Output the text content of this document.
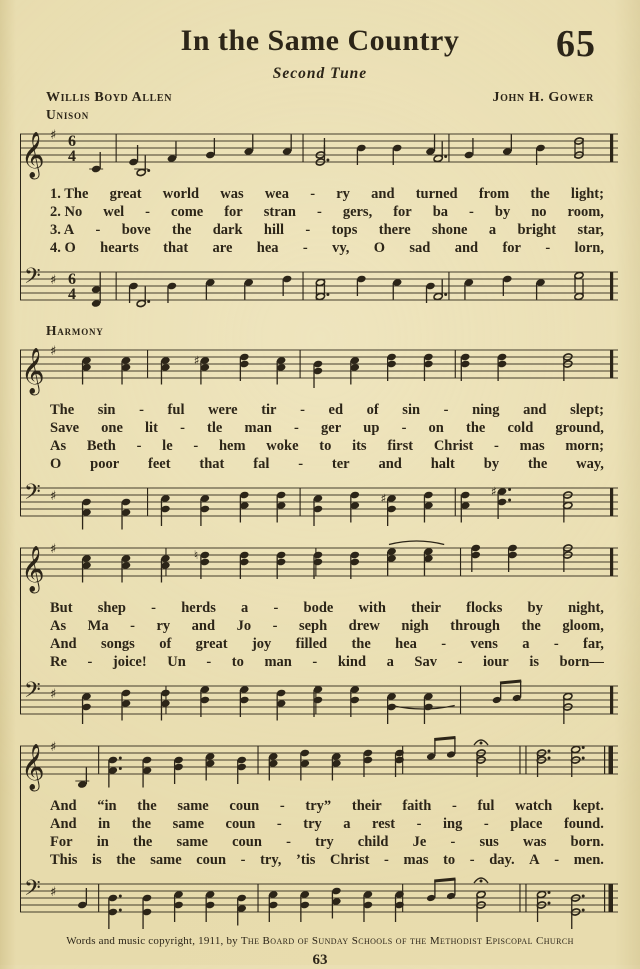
65
In the Same Country
Second Tune
Willis Boyd Allen	John H. Gower
Unison
𝄞 ♯ 6
4
1. The great world was wea - ry and turned from the light;
2. No wel - come for stran - gers, for ba - by no room,
3. A - bove the dark hill - tops there shone a bright star,
4. O hearts that are hea - vy, O sad and for - lorn,
𝄢 ♯ 6
4
Harmony
𝄞 ♯
♯
The sin - ful were tir - ed of sin - ning and slept;
Save one lit - tle man - ger up - on the cold ground,
As Beth - le - hem woke to its first Christ - mas morn;
O poor feet that fal - ter and halt by the way,
𝄢 ♯	♯	♯
𝄞 ♯	♮
But shep - herds a - bode with their flocks by night,
As Ma - ry and Jo - seph drew nigh through the gloom,
And songs of great joy filled the hea - vens a - far,
Re - joice! Un - to man - kind a Sav - iour is born—
𝄢 ♯
𝄞 ♯
And “in the same coun - try” their faith - ful watch kept.
And in the same coun - try a rest - ing - place found.
For in the same coun - try child Je - sus was born.
This is the same coun - try, ’tis Christ - mas to - day. A - men.
𝄢 ♯
Words and music copyright, 1911, by The Board of Sunday Schools of the Methodist Episcopal Church
63
